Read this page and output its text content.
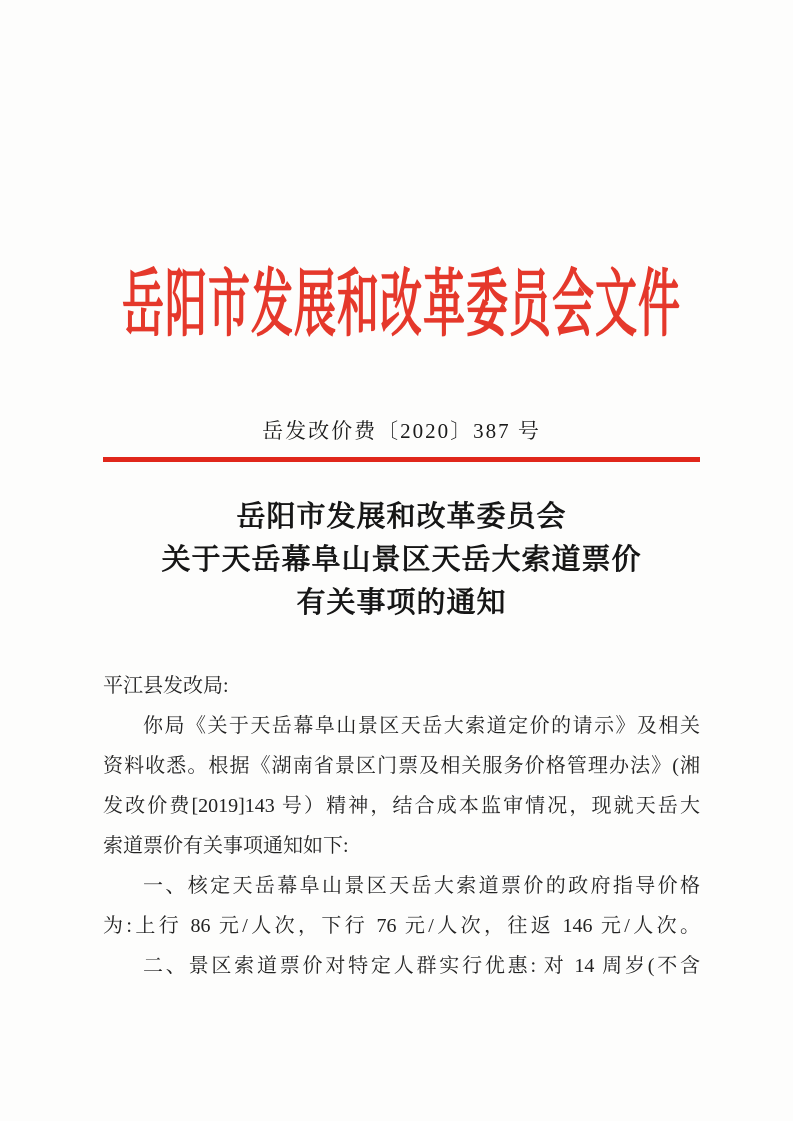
岳阳市发展和改革委员会文件
岳发改价费〔2020〕387 号
岳阳市发展和改革委员会
关于天岳幕阜山景区天岳大索道票价
有关事项的通知
平江县发改局:
你局《关于天岳幕阜山景区天岳大索道定价的请示》及相关
资料收悉。根据《湖南省景区门票及相关服务价格管理办法》(湘
发改价费[2019]143 号）精神，结合成本监审情况，现就天岳大
索道票价有关事项通知如下:
一、核定天岳幕阜山景区天岳大索道票价的政府指导价格
为:上行 86 元/人次，下行 76 元/人次，往返 146 元/人次。
二、景区索道票价对特定人群实行优惠: 对 14 周岁(不含
